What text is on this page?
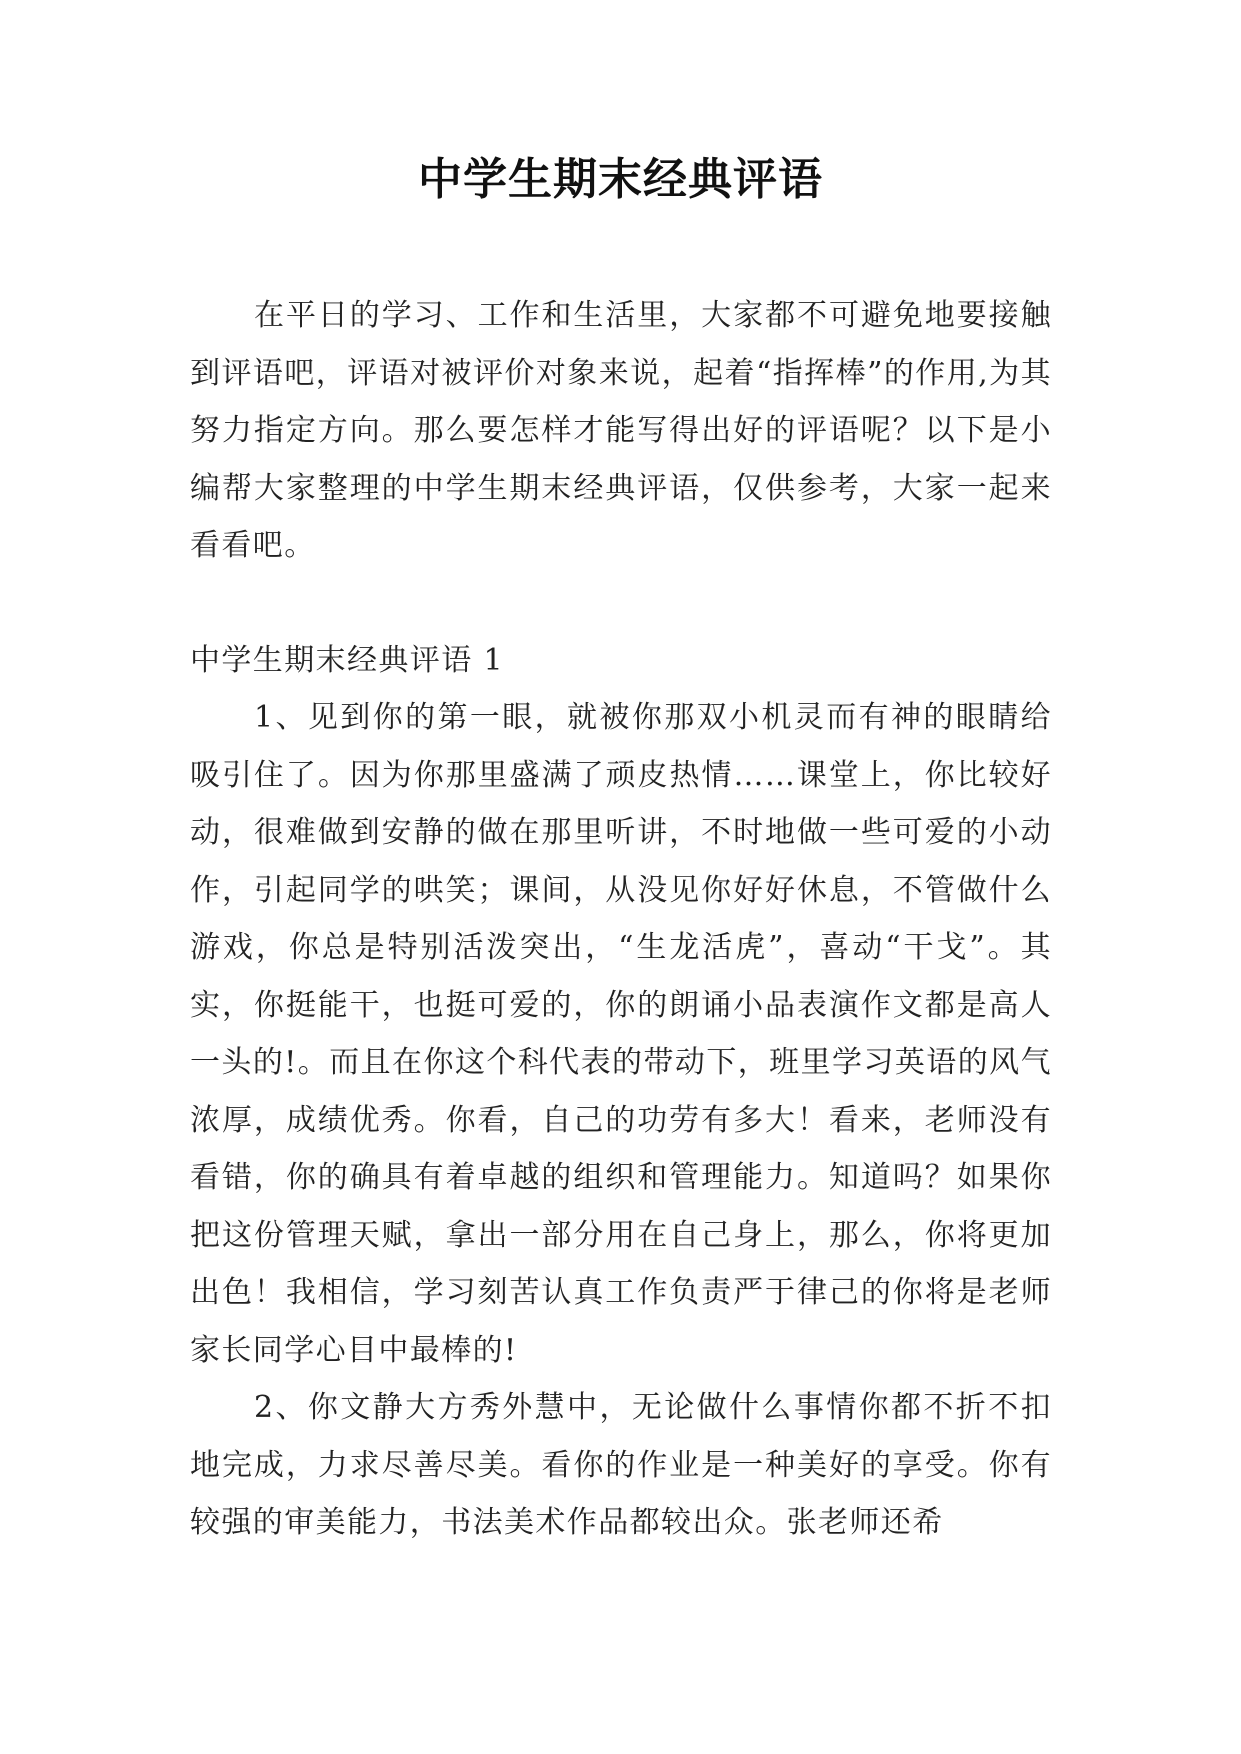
中学生期末经典评语

在平日的学习、工作和生活里，大家都不可避免地要接触到评语吧，评语对被评价对象来说，起着“指挥棒”的作用,为其努力指定方向。那么要怎样才能写得出好的评语呢？以下是小编帮大家整理的中学生期末经典评语，仅供参考，大家一起来看看吧。

中学生期末经典评语 1

1、见到你的第一眼，就被你那双小机灵而有神的眼睛给吸引住了。因为你那里盛满了顽皮热情……课堂上，你比较好动，很难做到安静的做在那里听讲，不时地做一些可爱的小动作，引起同学的哄笑；课间，从没见你好好休息，不管做什么游戏，你总是特别活泼突出，“生龙活虎”，喜动“干戈”。其实，你挺能干，也挺可爱的，你的朗诵小品表演作文都是高人一头的!。而且在你这个科代表的带动下，班里学习英语的风气浓厚，成绩优秀。你看，自己的功劳有多大！看来，老师没有看错，你的确具有着卓越的组织和管理能力。知道吗？如果你把这份管理天赋，拿出一部分用在自己身上，那么，你将更加出色！我相信，学习刻苦认真工作负责严于律己的你将是老师家长同学心目中最棒的!

2、你文静大方秀外慧中，无论做什么事情你都不折不扣地完成，力求尽善尽美。看你的作业是一种美好的享受。你有较强的审美能力，书法美术作品都较出众。张老师还希
